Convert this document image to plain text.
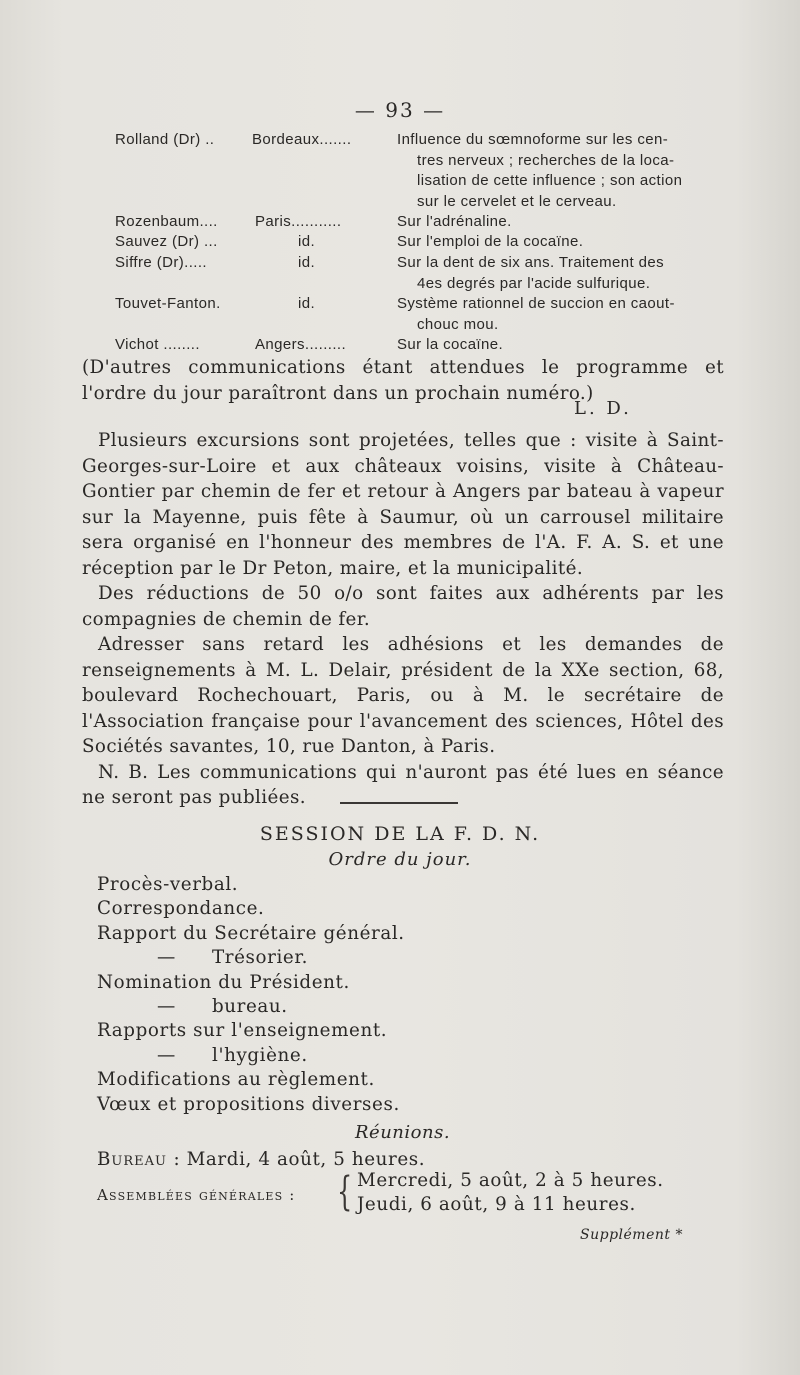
— 93 —
Rolland (Dr) ..	Bordeaux.......	Influence du sœmnoforme sur les cen-
tres nerveux ; recherches de la loca-
lisation de cette influence ; son action
sur le cervelet et le cerveau.
Rozenbaum.... Paris...........	Sur l'adrénaline.
Sauvez (Dr) ...	id.	Sur l'emploi de la cocaïne.
Siffre (Dr).....	id.	Sur la dent de six ans. Traitement des
4es degrés par l'acide sulfurique.
Touvet-Fanton.	id.	Système rationnel de succion en caout-
chouc mou.
Vichot ........	Angers.........	Sur la cocaïne.

(D'autres communications étant attendues le programme et l'ordre du jour paraîtront dans un prochain numéro.)

L. D.

Plusieurs excursions sont projetées, telles que : visite à Saint-Georges-sur-Loire et aux châteaux voisins, visite à Château-Gontier par chemin de fer et retour à Angers par bateau à vapeur sur la Mayenne, puis fête à Saumur, où un carrousel militaire sera organisé en l'honneur des membres de l'A. F. A. S. et une réception par le Dr Peton, maire, et la municipalité.

Des réductions de 50 o/o sont faites aux adhérents par les compagnies de chemin de fer.

Adresser sans retard les adhésions et les demandes de renseignements à M. L. Delair, président de la XXe section, 68, boulevard Rochechouart, Paris, ou à M. le secrétaire de l'Association française pour l'avancement des sciences, Hôtel des Sociétés savantes, 10, rue Danton, à Paris.

N. B. Les communications qui n'auront pas été lues en séance ne seront pas publiées.

SESSION DE LA F. D. N.
Ordre du jour.
Procès-verbal.
Correspondance.
Rapport du Secrétaire général.
— Trésorier.
Nomination du Président.
— bureau.
Rapports sur l'enseignement.
— l'hygiène.
Modifications au règlement.
Vœux et propositions diverses.
Réunions.
Bureau : Mardi, 4 août, 5 heures.
Assemblées générales : { Mercredi, 5 août, 2 à 5 heures.
Jeudi, 6 août, 9 à 11 heures.
Supplément *
